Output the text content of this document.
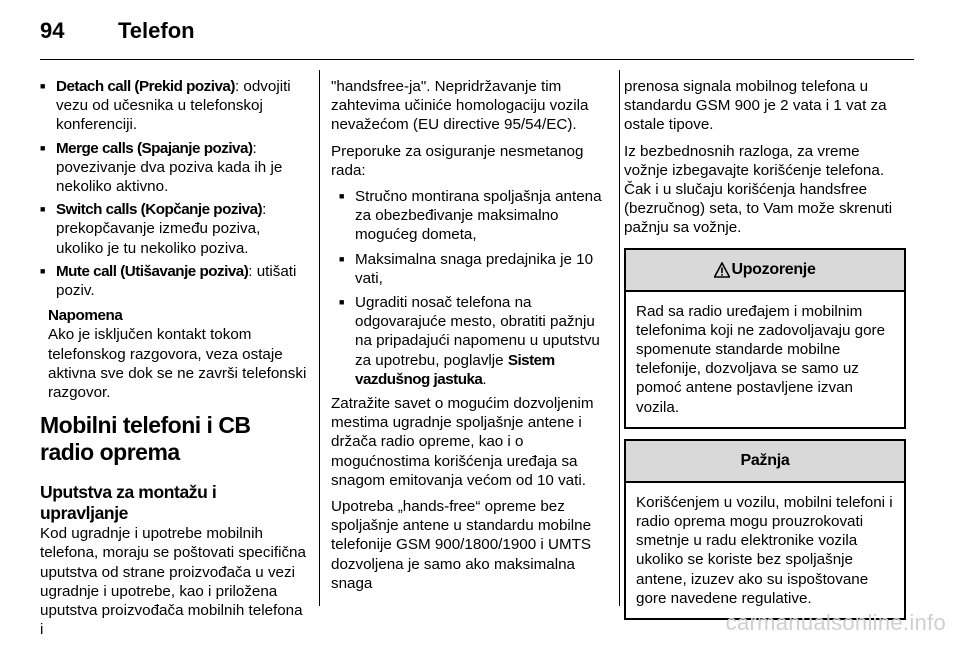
94 Telefon
■ Detach call (Prekid poziva): odvojiti vezu od učesnika u telefonskoj konferenciji.
■ Merge calls (Spajanje poziva): povezivanje dva poziva kada ih je nekoliko aktivno.
■ Switch calls (Kopčanje poziva): prekopčavanje između poziva, ukoliko je tu nekoliko poziva.
■ Mute call (Utišavanje poziva): utišati poziv.
Napomena
Ako je isključen kontakt tokom telefonskog razgovora, veza ostaje aktivna sve dok se ne završi telefonski razgovor.
Mobilni telefoni i CB radio oprema
Uputstva za montažu i upravljanje

Kod ugradnje i upotrebe mobilnih telefona, moraju se poštovati specifična uputstva od strane proizvođača u vezi ugradnje i upotrebe, kao i priložena uputstva proizvođača mobilnih telefona i

"handsfree-ja". Nepridržavanje tim zahtevima učiniće homologaciju vozila nevažećom (EU directive 95/54/EC).

Preporuke za osiguranje nesmetanog rada:

■ Stručno montirana spoljašnja antena za obezbeđivanje maksimalno mogućeg dometa,
■ Maksimalna snaga predajnika je 10 vati,
■ Ugraditi nosač telefona na odgovarajuće mesto, obratiti pažnju na pripadajući napomenu u uputstvu za upotrebu, poglavlje Sistem vazdušnog jastuka.

Zatražite savet o mogućim dozvoljenim mestima ugradnje spoljašnje antene i držača radio opreme, kao i o mogućnostima korišćenja uređaja sa snagom emitovanja većom od 10 vati.

Upotreba „hands-free“ opreme bez spoljašnje antene u standardu mobilne telefonije GSM 900/1800/1900 i UMTS dozvoljena je samo ako maksimalna snaga

prenosa signala mobilnog telefona u standardu GSM 900 je 2 vata i 1 vat za ostale tipove.

Iz bezbednosnih razloga, za vreme vožnje izbegavajte korišćenje telefona. Čak i u slučaju korišćenja handsfree (bezručnog) seta, to Vam može skrenuti pažnju sa vožnje.

Upozorenje
Rad sa radio uređajem i mobilnim telefonima koji ne zadovoljavaju gore spomenute standarde mobilne telefonije, dozvoljava se samo uz pomoć antene postavljene izvan vozila.
Pažnja
Korišćenjem u vozilu, mobilni telefoni i radio oprema mogu prouzrokovati smetnje u radu elektronike vozila ukoliko se koriste bez spoljašnje antene, izuzev ako su ispoštovane gore navedene regulative.
carmanualsonline.info
